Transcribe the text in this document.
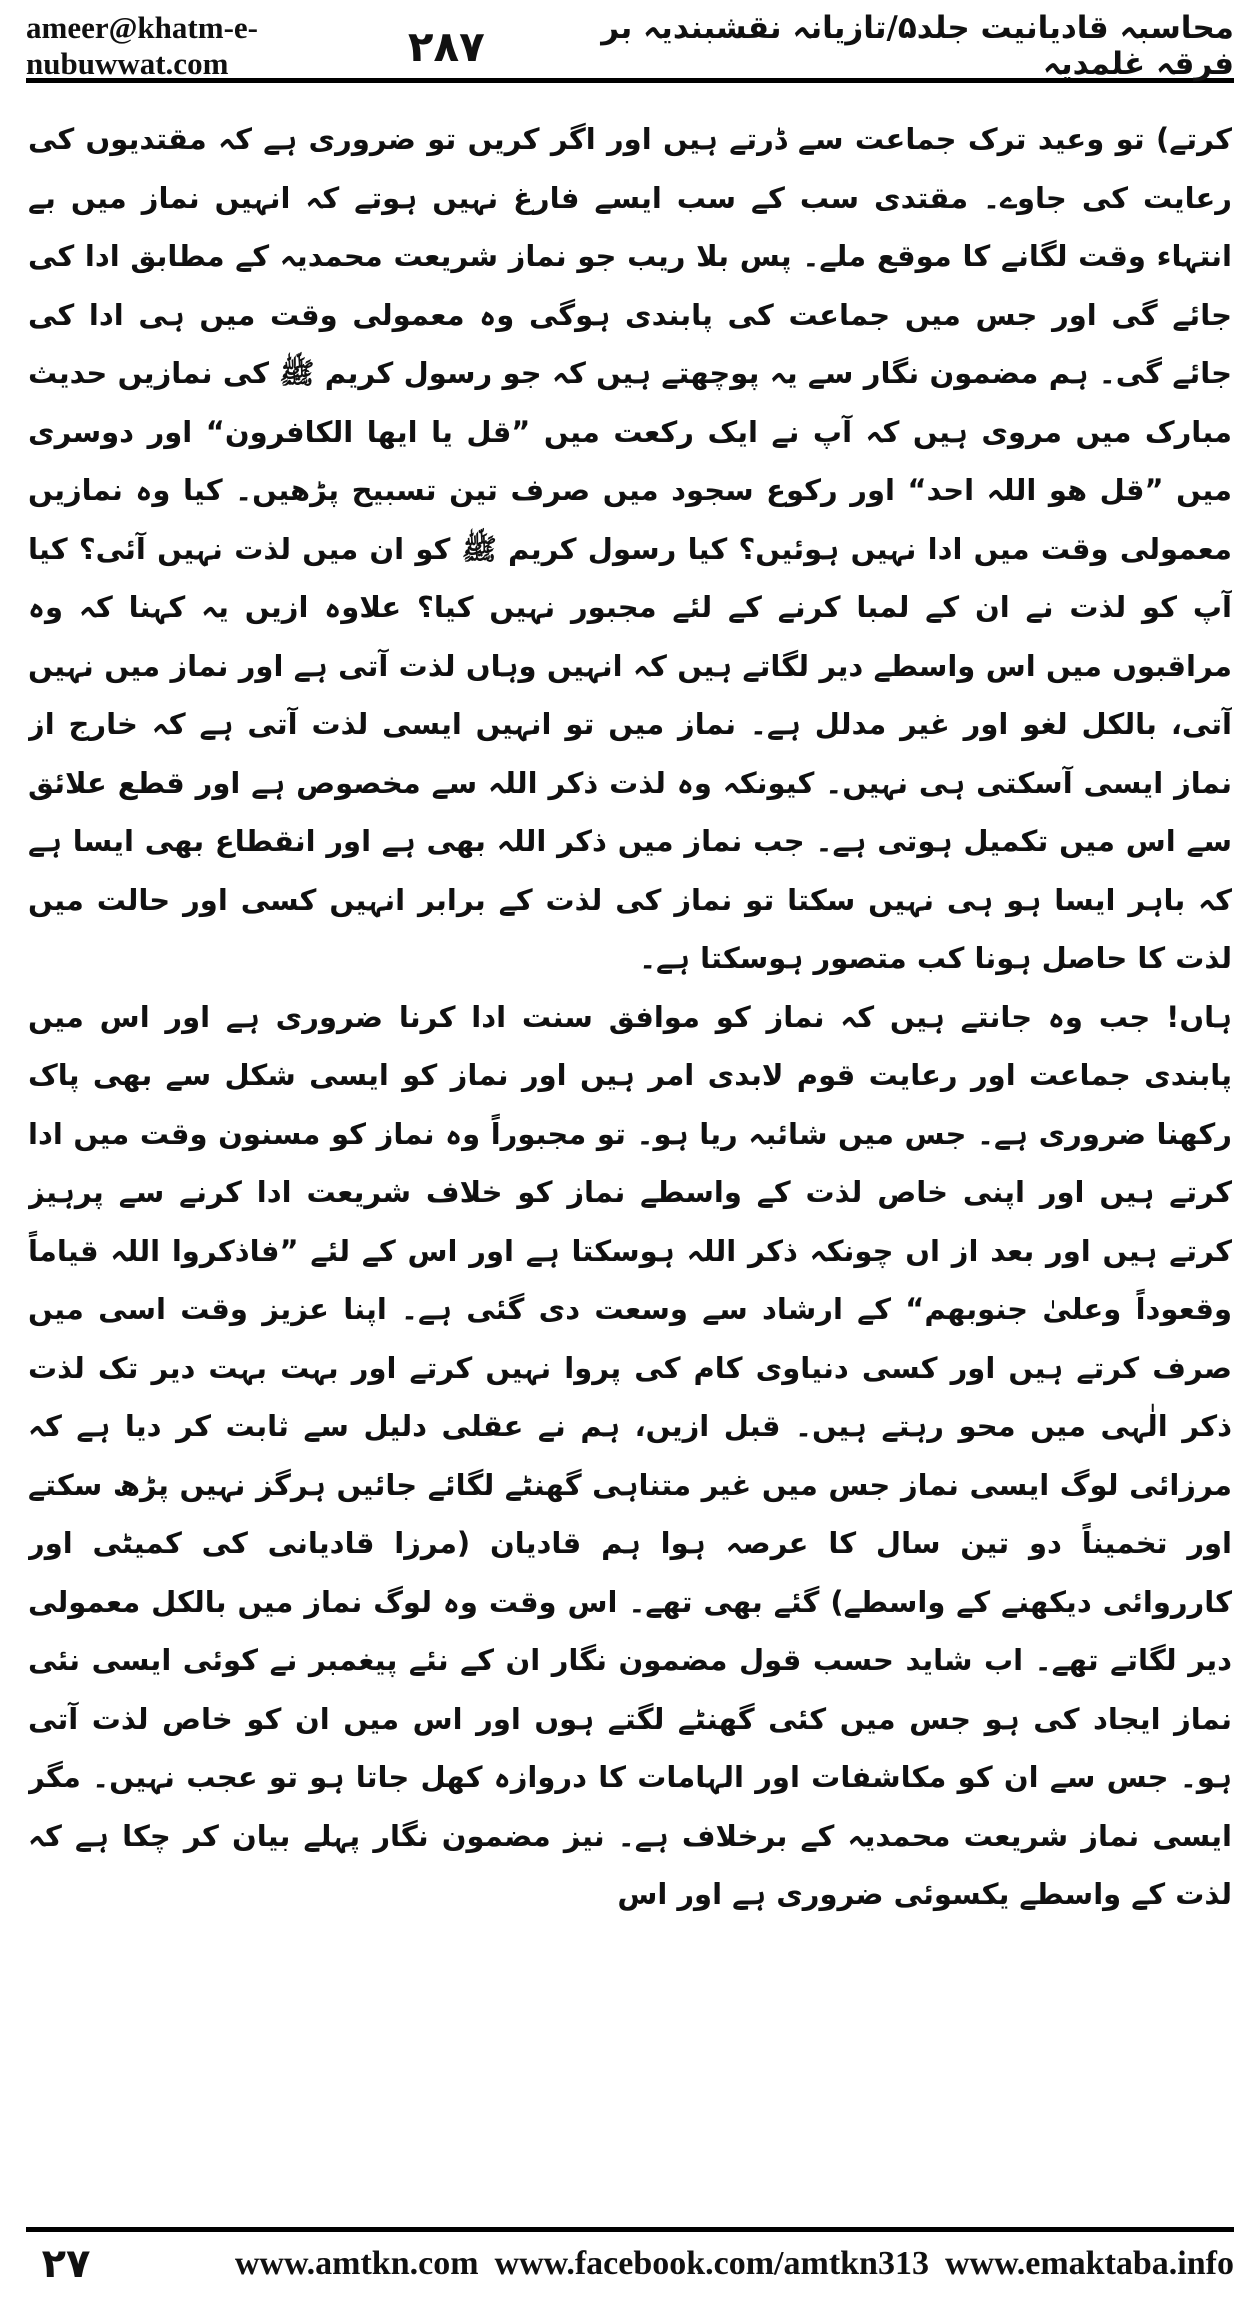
ameer@khatm-e-nubuwwat.com
محاسبہ قادیانیت جلد۵/تازیانہ نقشبندیہ بر فرقہ غلمدیہ
۲۸۷

کرتے) تو وعید ترک جماعت سے ڈرتے ہیں اور اگر کریں تو ضروری ہے کہ مقتدیوں کی رعایت کی جاوے۔ مقتدی سب کے سب ایسے فارغ نہیں ہوتے کہ انہیں نماز میں بے انتہاء وقت لگانے کا موقع ملے۔ پس بلا ریب جو نماز شریعت محمدیہ کے مطابق ادا کی جائے گی اور جس میں جماعت کی پابندی ہوگی وہ معمولی وقت میں ہی ادا کی جائے گی۔ ہم مضمون نگار سے یہ پوچھتے ہیں کہ جو رسول کریم ﷺ کی نمازیں حدیث مبارک میں مروی ہیں کہ آپ نے ایک رکعت میں ”قل یا ایھا الکافرون“ اور دوسری میں ”قل ھو اللہ احد“ اور رکوع سجود میں صرف تین تسبیح پڑھیں۔ کیا وہ نمازیں معمولی وقت میں ادا نہیں ہوئیں؟ کیا رسول کریم ﷺ کو ان میں لذت نہیں آئی؟ کیا آپ کو لذت نے ان کے لمبا کرنے کے لئے مجبور نہیں کیا؟ علاوہ ازیں یہ کہنا کہ وہ مراقبوں میں اس واسطے دیر لگاتے ہیں کہ انہیں وہاں لذت آتی ہے اور نماز میں نہیں آتی، بالکل لغو اور غیر مدلل ہے۔ نماز میں تو انہیں ایسی لذت آتی ہے کہ خارج از نماز ایسی آسکتی ہی نہیں۔ کیونکہ وہ لذت ذکر اللہ سے مخصوص ہے اور قطع علائق سے اس میں تکمیل ہوتی ہے۔ جب نماز میں ذکر اللہ بھی ہے اور انقطاع بھی ایسا ہے کہ باہر ایسا ہو ہی نہیں سکتا تو نماز کی لذت کے برابر انہیں کسی اور حالت میں لذت کا حاصل ہونا کب متصور ہوسکتا ہے۔

ہاں! جب وہ جانتے ہیں کہ نماز کو موافق سنت ادا کرنا ضروری ہے اور اس میں پابندی جماعت اور رعایت قوم لابدی امر ہیں اور نماز کو ایسی شکل سے بھی پاک رکھنا ضروری ہے۔ جس میں شائبہ ریا ہو۔ تو مجبوراً وہ نماز کو مسنون وقت میں ادا کرتے ہیں اور اپنی خاص لذت کے واسطے نماز کو خلاف شریعت ادا کرنے سے پرہیز کرتے ہیں اور بعد از اں چونکہ ذکر اللہ ہوسکتا ہے اور اس کے لئے ”فاذکروا اللہ قیاماً وقعوداً وعلیٰ جنوبھم“ کے ارشاد سے وسعت دی گئی ہے۔ اپنا عزیز وقت اسی میں صرف کرتے ہیں اور کسی دنیاوی کام کی پروا نہیں کرتے اور بہت بہت دیر تک لذت ذکر الٰہی میں محو رہتے ہیں۔ قبل ازیں، ہم نے عقلی دلیل سے ثابت کر دیا ہے کہ مرزائی لوگ ایسی نماز جس میں غیر متناہی گھنٹے لگائے جائیں ہرگز نہیں پڑھ سکتے اور تخمیناً دو تین سال کا عرصہ ہوا ہم قادیان (مرزا قادیانی کی کمیٹی اور کارروائی دیکھنے کے واسطے) گئے بھی تھے۔ اس وقت وہ لوگ نماز میں بالکل معمولی دیر لگاتے تھے۔ اب شاید حسب قول مضمون نگار ان کے نئے پیغمبر نے کوئی ایسی نئی نماز ایجاد کی ہو جس میں کئی گھنٹے لگتے ہوں اور اس میں ان کو خاص لذت آتی ہو۔ جس سے ان کو مکاشفات اور الہامات کا دروازہ کھل جاتا ہو تو عجب نہیں۔ مگر ایسی نماز شریعت محمدیہ کے برخلاف ہے۔ نیز مضمون نگار پہلے بیان کر چکا ہے کہ لذت کے واسطے یکسوئی ضروری ہے اور اس

۲۷	www.amtkn.com www.facebook.com/amtkn313 www.emaktaba.info
